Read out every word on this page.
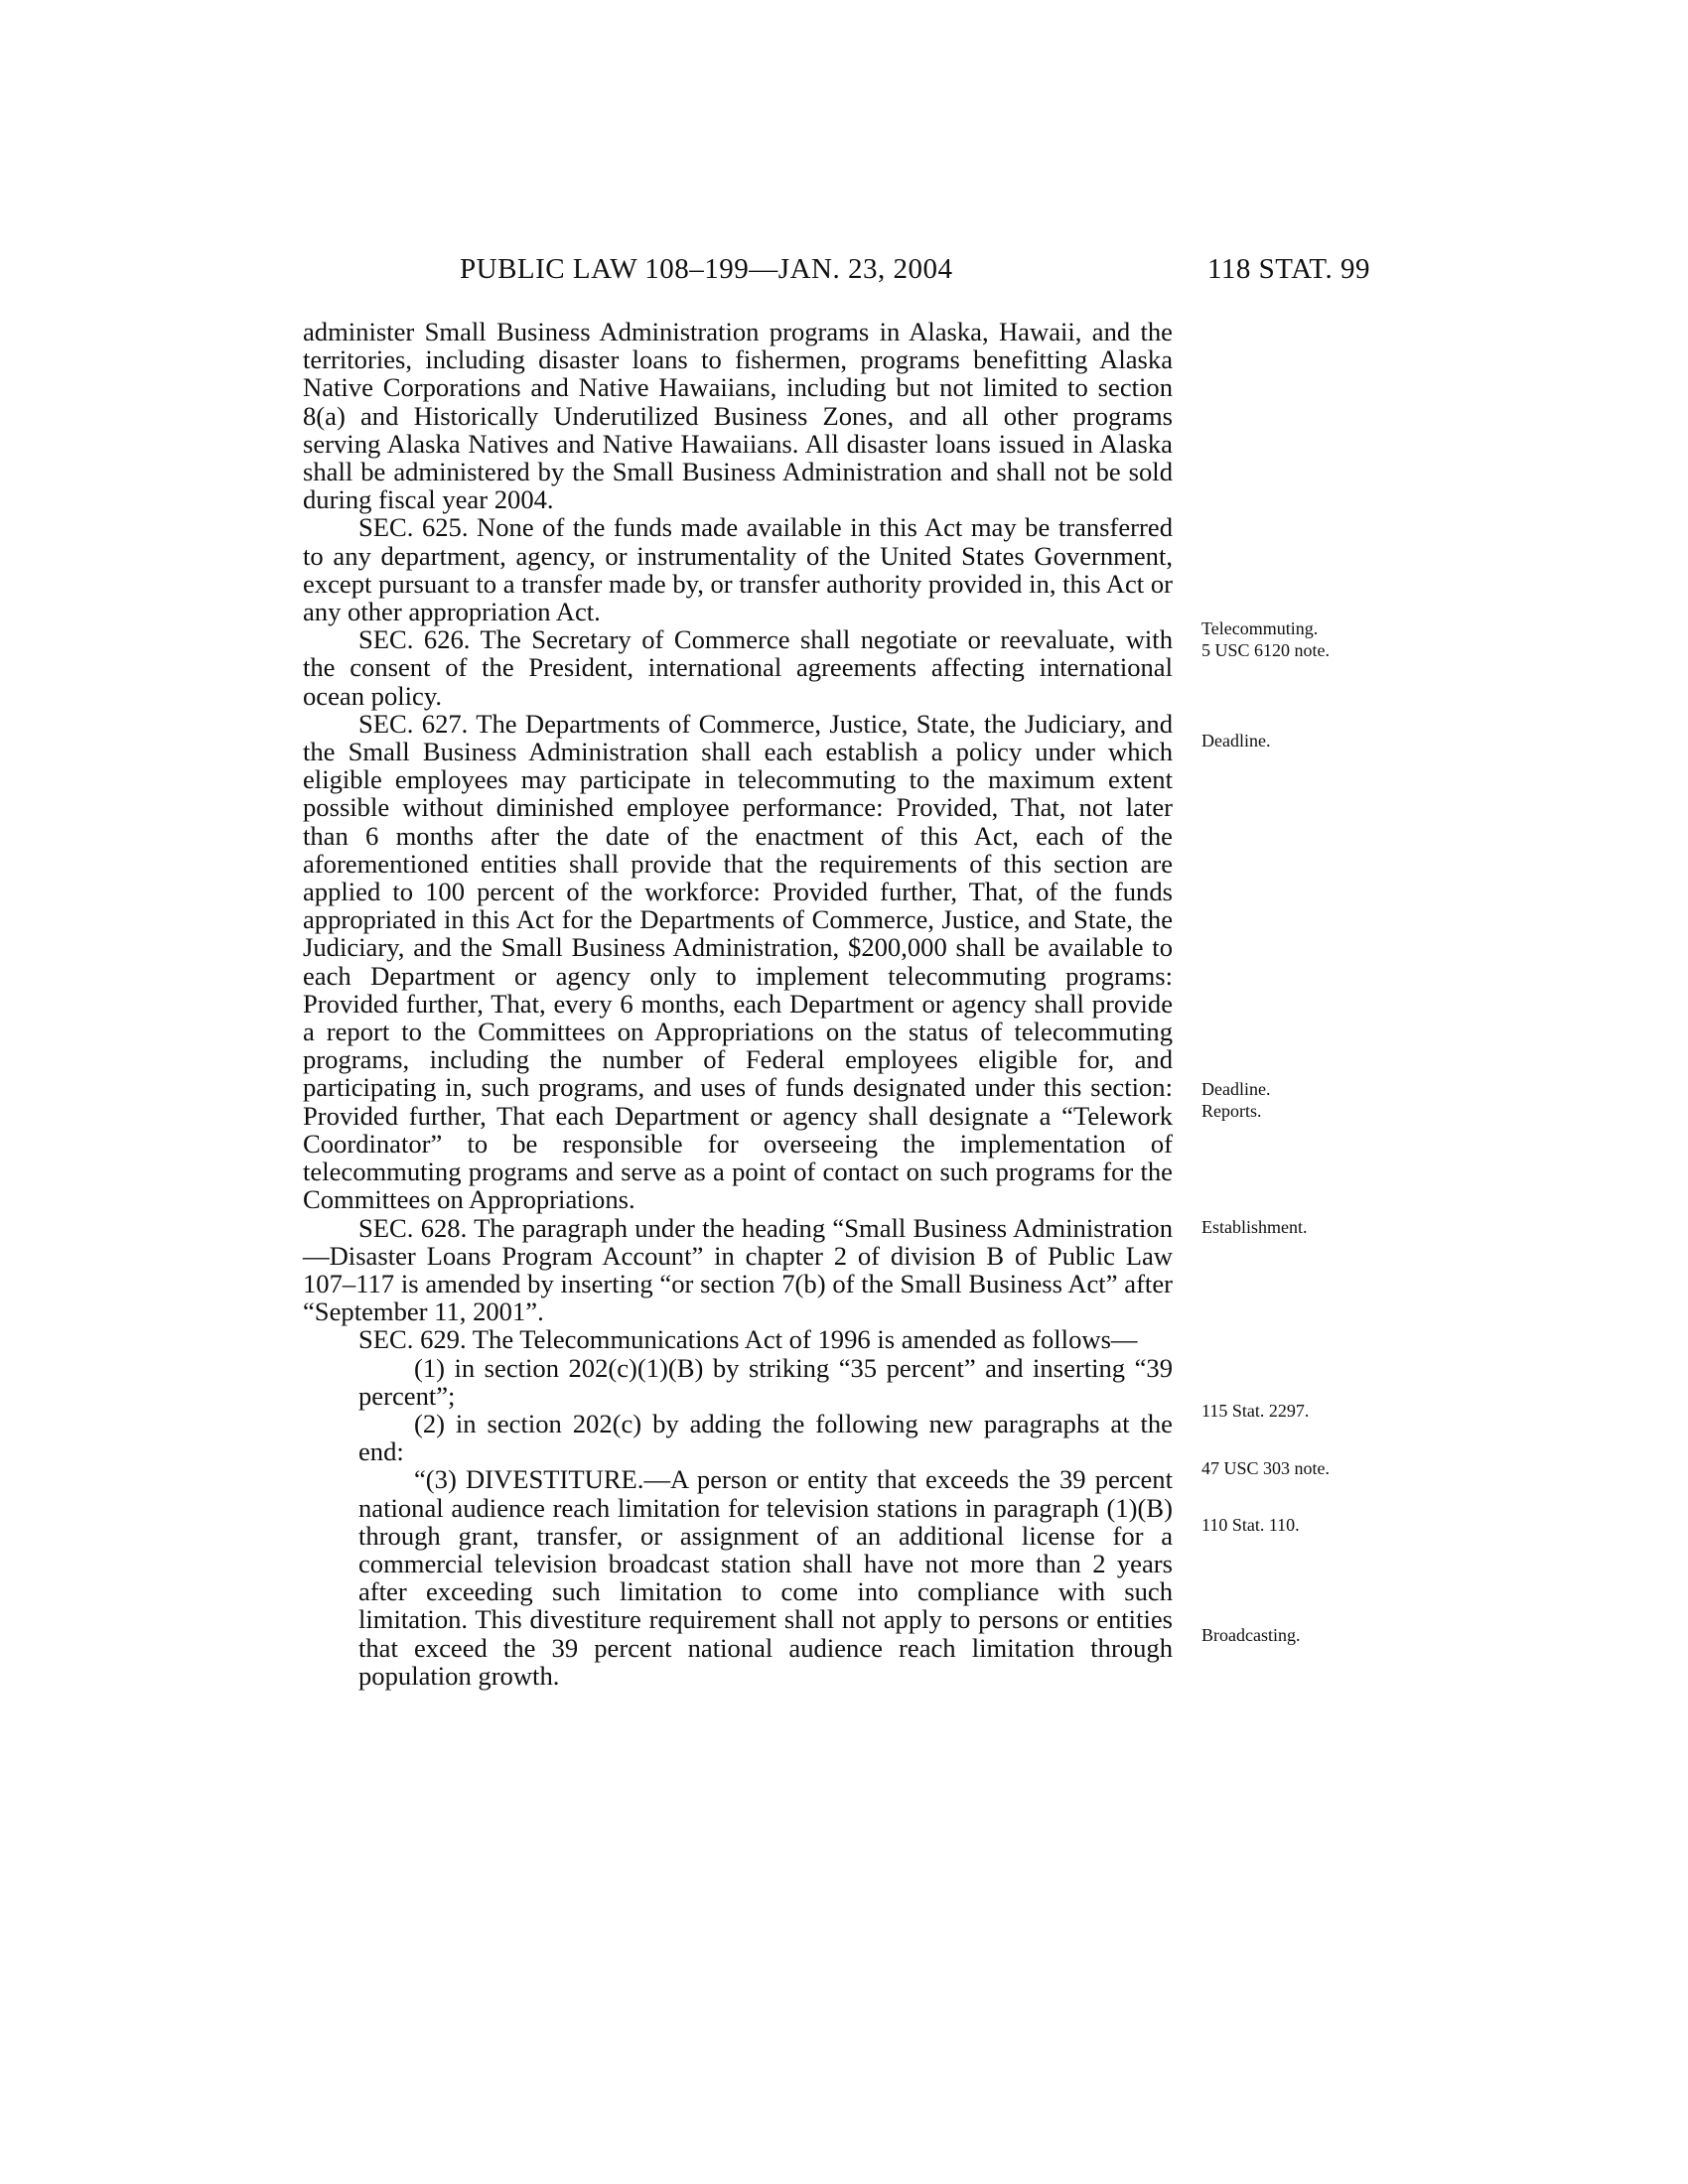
PUBLIC LAW 108–199—JAN. 23, 2004	118 STAT. 99

administer Small Business Administration programs in Alaska, Hawaii, and the territories, including disaster loans to fishermen, programs benefitting Alaska Native Corporations and Native Hawaiians, including but not limited to section 8(a) and Historically Underutilized Business Zones, and all other programs serving Alaska Natives and Native Hawaiians. All disaster loans issued in Alaska shall be administered by the Small Business Administration and shall not be sold during fiscal year 2004.

SEC. 625. None of the funds made available in this Act may be transferred to any department, agency, or instrumentality of the United States Government, except pursuant to a transfer made by, or transfer authority provided in, this Act or any other appropriation Act.

SEC. 626. The Secretary of Commerce shall negotiate or reevaluate, with the consent of the President, international agreements affecting international ocean policy.

SEC. 627. The Departments of Commerce, Justice, State, the Judiciary, and the Small Business Administration shall each establish a policy under which eligible employees may participate in telecommuting to the maximum extent possible without diminished employee performance: Provided, That, not later than 6 months after the date of the enactment of this Act, each of the aforementioned entities shall provide that the requirements of this section are applied to 100 percent of the workforce: Provided further, That, of the funds appropriated in this Act for the Departments of Commerce, Justice, and State, the Judiciary, and the Small Business Administration, $200,000 shall be available to each Department or agency only to implement telecommuting programs: Provided further, That, every 6 months, each Department or agency shall provide a report to the Committees on Appropriations on the status of telecommuting programs, including the number of Federal employees eligible for, and participating in, such programs, and uses of funds designated under this section: Provided further, That each Department or agency shall designate a “Telework Coordinator” to be responsible for overseeing the implementation of telecommuting programs and serve as a point of contact on such programs for the Committees on Appropriations.

SEC. 628. The paragraph under the heading “Small Business Administration—Disaster Loans Program Account” in chapter 2 of division B of Public Law 107–117 is amended by inserting “or section 7(b) of the Small Business Act” after “September 11, 2001”.

SEC. 629. The Telecommunications Act of 1996 is amended as follows—

(1) in section 202(c)(1)(B) by striking “35 percent” and inserting “39 percent”;

(2) in section 202(c) by adding the following new paragraphs at the end:

“(3) DIVESTITURE.—A person or entity that exceeds the 39 percent national audience reach limitation for television stations in paragraph (1)(B) through grant, transfer, or assignment of an additional license for a commercial television broadcast station shall have not more than 2 years after exceeding such limitation to come into compliance with such limitation. This divestiture requirement shall not apply to persons or entities that exceed the 39 percent national audience reach limitation through population growth.

Telecommuting.
5 USC 6120 note.
Deadline.
Deadline.
Reports.
Establishment.
115 Stat. 2297.
47 USC 303 note.
110 Stat. 110.
Broadcasting.
